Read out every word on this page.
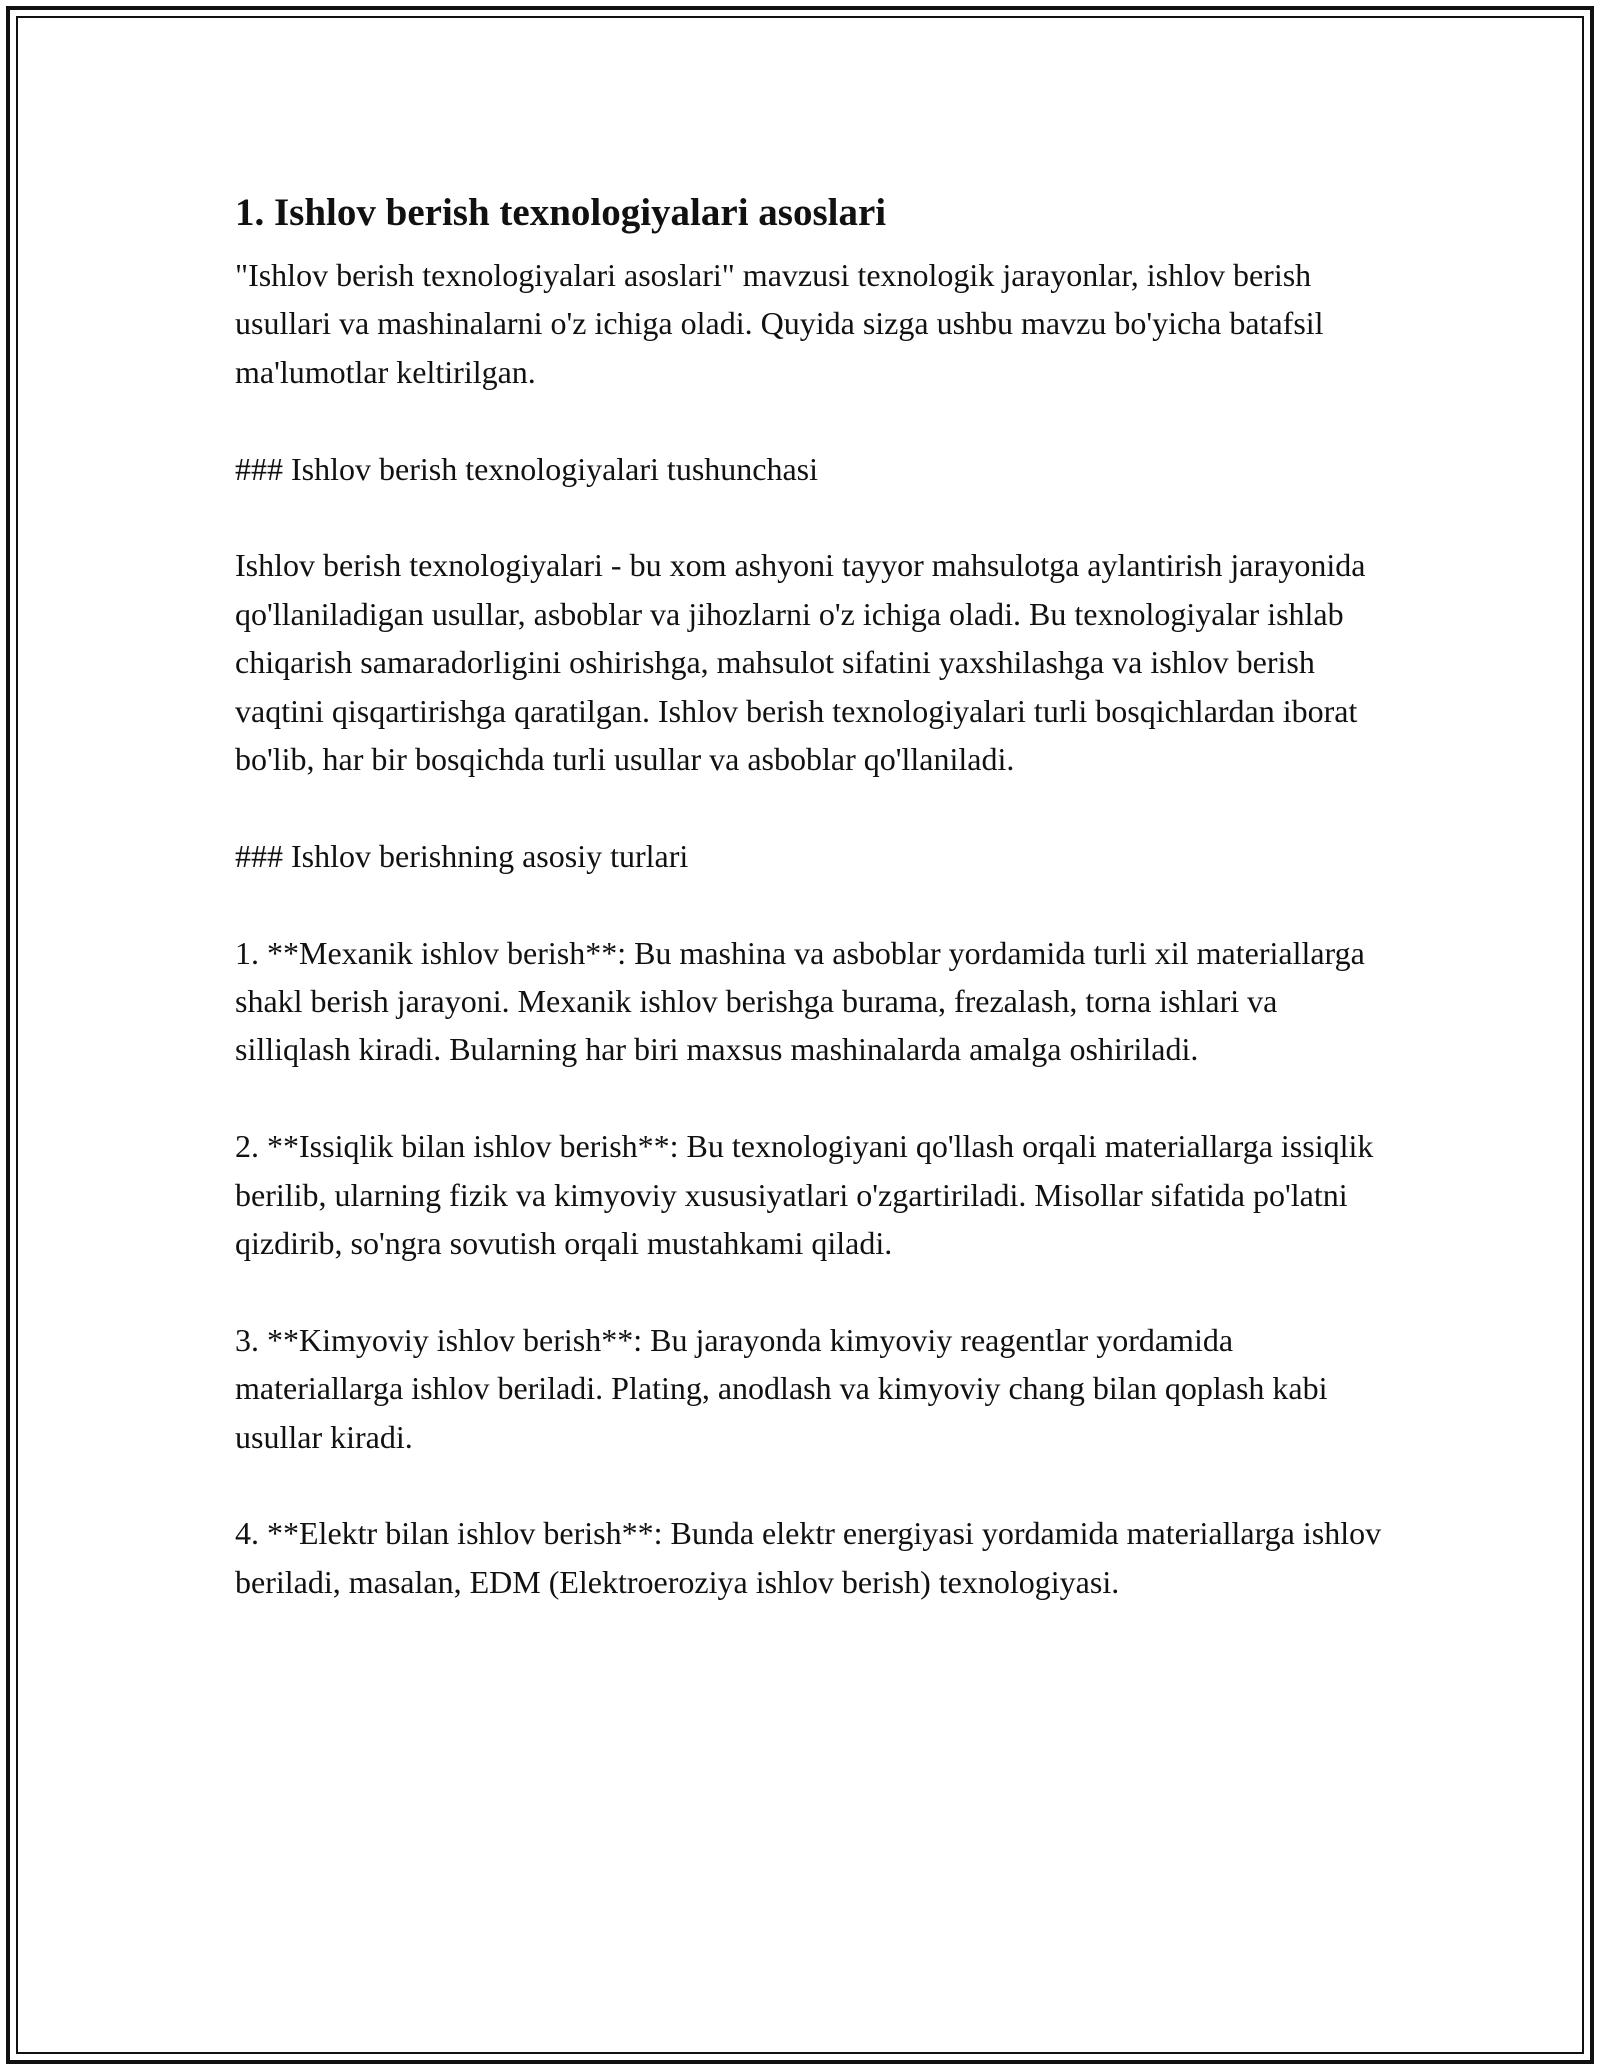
1. Ishlov berish texnologiyalari asoslari

"Ishlov berish texnologiyalari asoslari" mavzusi texnologik jarayonlar, ishlov berish usullari va mashinalarni o'z ichiga oladi. Quyida sizga ushbu mavzu bo'yicha batafsil ma'lumotlar keltirilgan.

### Ishlov berish texnologiyalari tushunchasi

Ishlov berish texnologiyalari - bu xom ashyoni tayyor mahsulotga aylantirish jarayonida qo'llaniladigan usullar, asboblar va jihozlarni o'z ichiga oladi. Bu texnologiyalar ishlab chiqarish samaradorligini oshirishga, mahsulot sifatini yaxshilashga va ishlov berish vaqtini qisqartirishga qaratilgan. Ishlov berish texnologiyalari turli bosqichlardan iborat bo'lib, har bir bosqichda turli usullar va asboblar qo'llaniladi.

### Ishlov berishning asosiy turlari

1. **Mexanik ishlov berish**: Bu mashina va asboblar yordamida turli xil materiallarga shakl berish jarayoni. Mexanik ishlov berishga burama, frezalash, torna ishlari va silliqlash kiradi. Bularning har biri maxsus mashinalarda amalga oshiriladi.

2. **Issiqlik bilan ishlov berish**: Bu texnologiyani qo'llash orqali materiallarga issiqlik berilib, ularning fizik va kimyoviy xususiyatlari o'zgartiriladi. Misollar sifatida po'latni qizdirib, so'ngra sovutish orqali mustahkami qiladi.

3. **Kimyoviy ishlov berish**: Bu jarayonda kimyoviy reagentlar yordamida materiallarga ishlov beriladi. Plating, anodlash va kimyoviy chang bilan qoplash kabi usullar kiradi.

4. **Elektr bilan ishlov berish**: Bunda elektr energiyasi yordamida materiallarga ishlov beriladi, masalan, EDM (Elektroeroziya ishlov berish) texnologiyasi.
